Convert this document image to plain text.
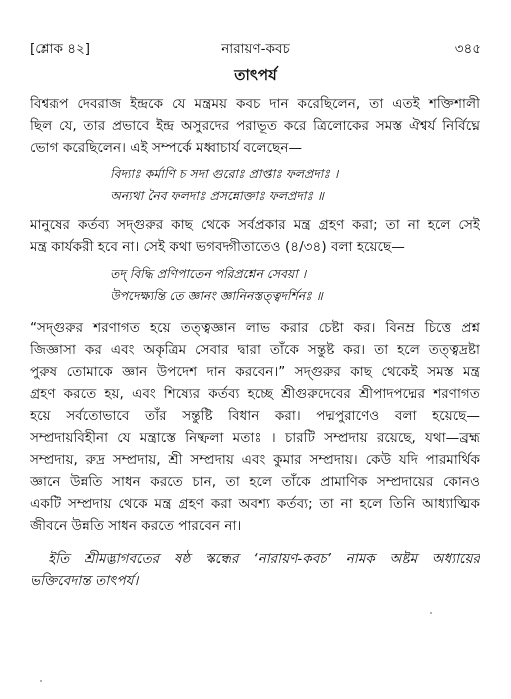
[শ্লোক ৪২]	নারায়ণ-কবচ	৩৪৫
তাৎপর্য
বিশ্বরূপ দেবরাজ ইন্দ্রকে যে মন্ত্রময় কবচ দান করেছিলেন, তা এতই শক্তিশালী
ছিল যে, তার প্রভাবে ইন্দ্র অসুরদের পরাভূত করে ত্রিলোকের সমস্ত ঐশ্বর্য নির্বিঘ্নে
ভোগ করেছিলেন। এই সম্পর্কে মধ্বাচার্য বলেছেন—
বিদ্যাঃ কর্মাণি চ সদা গুরোঃ প্রাপ্তাঃ ফলপ্রদাঃ ।
অন্যথা নৈব ফলদাঃ প্রসন্নোক্তাঃ ফলপ্রদাঃ ॥
মানুষের কর্তব্য সদ্গুরুর কাছ থেকে সর্বপ্রকার মন্ত্র গ্রহণ করা; তা না হলে সেই
মন্ত্র কার্যকরী হবে না। সেই কথা ভগবদ্গীতাতেও (৪/৩৪) বলা হয়েছে—
তদ্ বিদ্ধি প্রণিপাতেন পরিপ্রশ্নেন সেবয়া ।
উপদেক্ষ্যন্তি তে জ্ঞানং জ্ঞানিনস্তত্ত্বদর্শিনঃ ॥
“সদ্গুরুর শরণাগত হয়ে তত্ত্বজ্ঞান লাভ করার চেষ্টা কর। বিনম্র চিত্তে প্রশ্ন
জিজ্ঞাসা কর এবং অকৃত্রিম সেবার দ্বারা তাঁকে সন্তুষ্ট কর। তা হলে তত্ত্বদ্রষ্টা
পুরুষ তোমাকে জ্ঞান উপদেশ দান করবেন।” সদ্গুরুর কাছ থেকেই সমস্ত মন্ত্র
গ্রহণ করতে হয়, এবং শিষ্যের কর্তব্য হচ্ছে শ্রীগুরুদেবের শ্রীপাদপদ্মের শরণাগত
হয়ে সর্বতোভাবে তাঁর সন্তুষ্টি বিধান করা। পদ্মপুরাণেও বলা হয়েছে—
সম্প্রদায়বিহীনা যে মন্ত্রাস্তে নিষ্ফলা মতাঃ । চারটি সম্প্রদায় রয়েছে, যথা—ব্রহ্ম
সম্প্রদায়, রুদ্র সম্প্রদায়, শ্রী সম্প্রদায় এবং কুমার সম্প্রদায়। কেউ যদি পারমার্থিক
জ্ঞানে উন্নতি সাধন করতে চান, তা হলে তাঁকে প্রামাণিক সম্প্রদায়ের কোনও
একটি সম্প্রদায় থেকে মন্ত্র গ্রহণ করা অবশ্য কর্তব্য; তা না হলে তিনি আধ্যাত্মিক
জীবনে উন্নতি সাধন করতে পারবেন না।
ইতি শ্রীমদ্ভাগবতের ষষ্ঠ স্কন্ধের ‘নারায়ণ-কবচ’ নামক অষ্টম অধ্যায়ের
ভক্তিবেদান্ত তাৎপর্য।
